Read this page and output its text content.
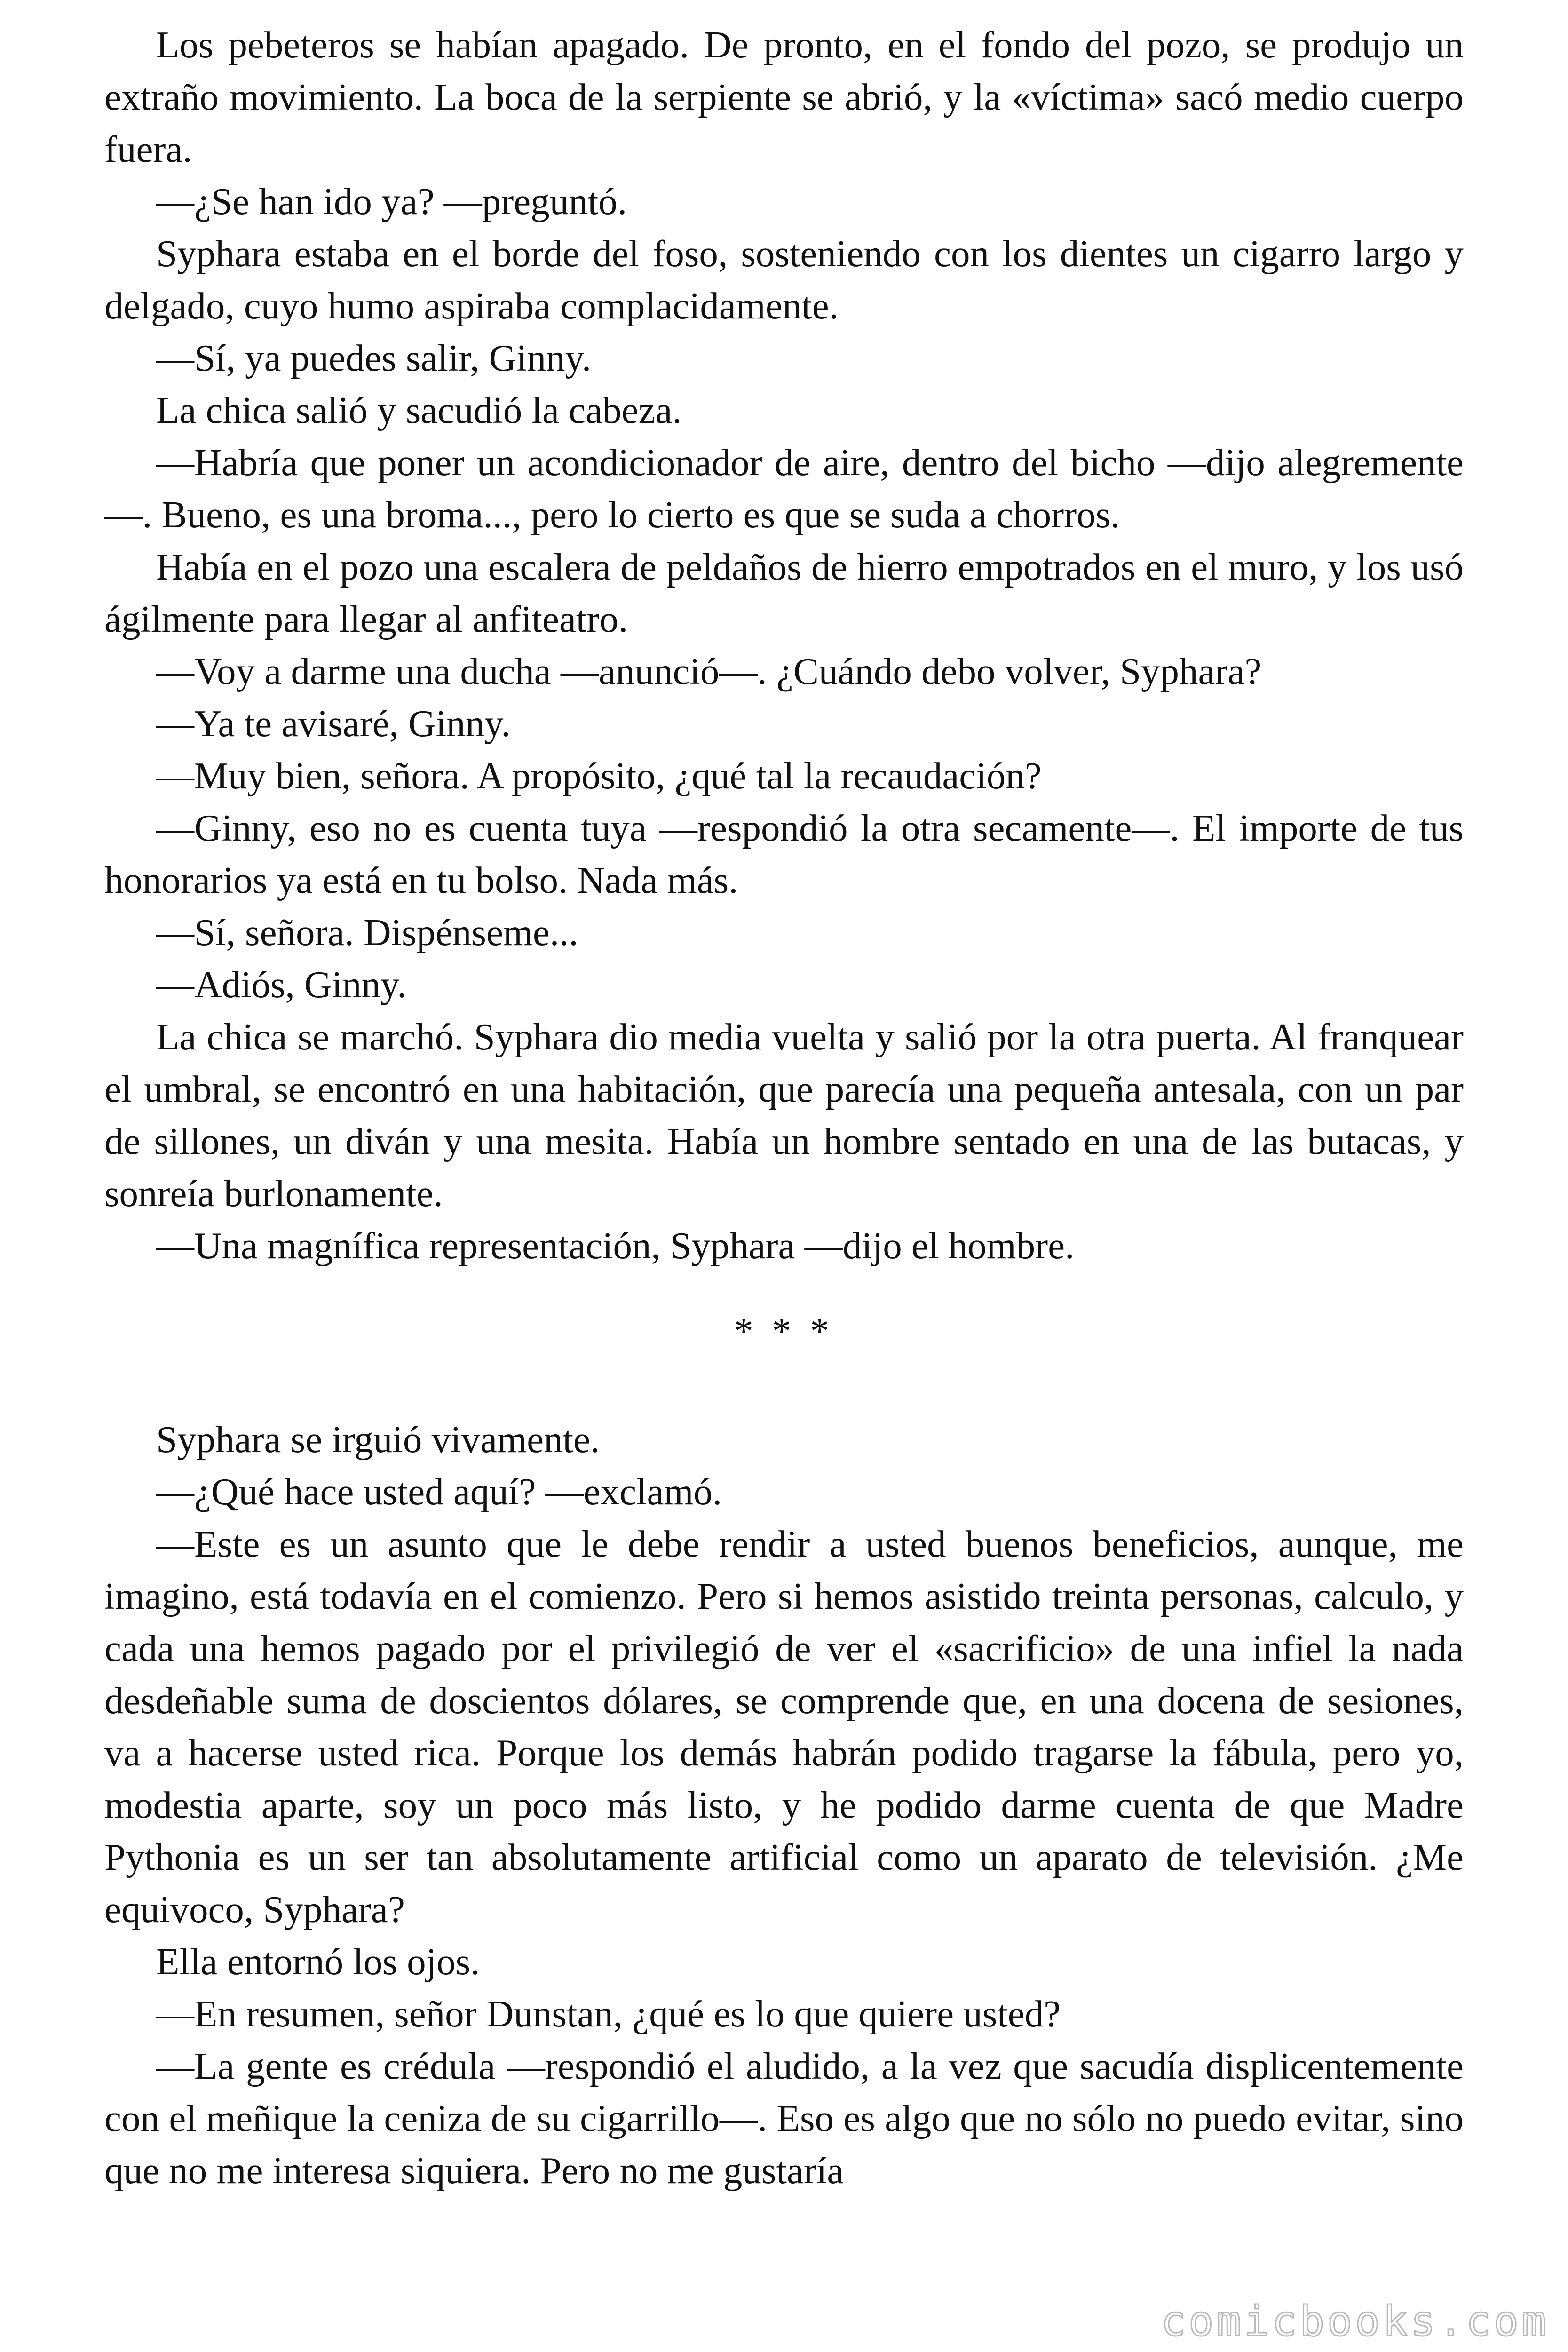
Los pebeteros se habían apagado. De pronto, en el fondo del pozo, se produjo un extraño movimiento. La boca de la serpiente se abrió, y la «víctima» sacó medio cuerpo fuera.

—¿Se han ido ya? —preguntó.

Syphara estaba en el borde del foso, sosteniendo con los dientes un cigarro largo y delgado, cuyo humo aspiraba complacidamente.

—Sí, ya puedes salir, Ginny.

La chica salió y sacudió la cabeza.

—Habría que poner un acondicionador de aire, dentro del bicho —dijo alegremente—. Bueno, es una broma..., pero lo cierto es que se suda a chorros.

Había en el pozo una escalera de peldaños de hierro empotrados en el muro, y los usó ágilmente para llegar al anfiteatro.

—Voy a darme una ducha —anunció—. ¿Cuándo debo volver, Syphara?

—Ya te avisaré, Ginny.

—Muy bien, señora. A propósito, ¿qué tal la recaudación?

—Ginny, eso no es cuenta tuya —respondió la otra secamente—. El importe de tus honorarios ya está en tu bolso. Nada más.

—Sí, señora. Dispénseme...

—Adiós, Ginny.

La chica se marchó. Syphara dio media vuelta y salió por la otra puerta. Al franquear el umbral, se encontró en una habitación, que parecía una pequeña antesala, con un par de sillones, un diván y una mesita. Había un hombre sentado en una de las butacas, y sonreía burlonamente.

—Una magnífica representación, Syphara —dijo el hombre.

* * *

Syphara se irguió vivamente.

—¿Qué hace usted aquí? —exclamó.

—Este es un asunto que le debe rendir a usted buenos beneficios, aunque, me imagino, está todavía en el comienzo. Pero si hemos asistido treinta personas, calculo, y cada una hemos pagado por el privilegió de ver el «sacrificio» de una infiel la nada desdeñable suma de doscientos dólares, se comprende que, en una docena de sesiones, va a hacerse usted rica. Porque los demás habrán podido tragarse la fábula, pero yo, modestia aparte, soy un poco más listo, y he podido darme cuenta de que Madre Pythonia es un ser tan absolutamente artificial como un aparato de televisión. ¿Me equivoco, Syphara?

Ella entornó los ojos.

—En resumen, señor Dunstan, ¿qué es lo que quiere usted?

—La gente es crédula —respondió el aludido, a la vez que sacudía displicentemente con el meñique la ceniza de su cigarrillo—. Eso es algo que no sólo no puedo evitar, sino que no me interesa siquiera. Pero no me gustaría

comicbooks.com
